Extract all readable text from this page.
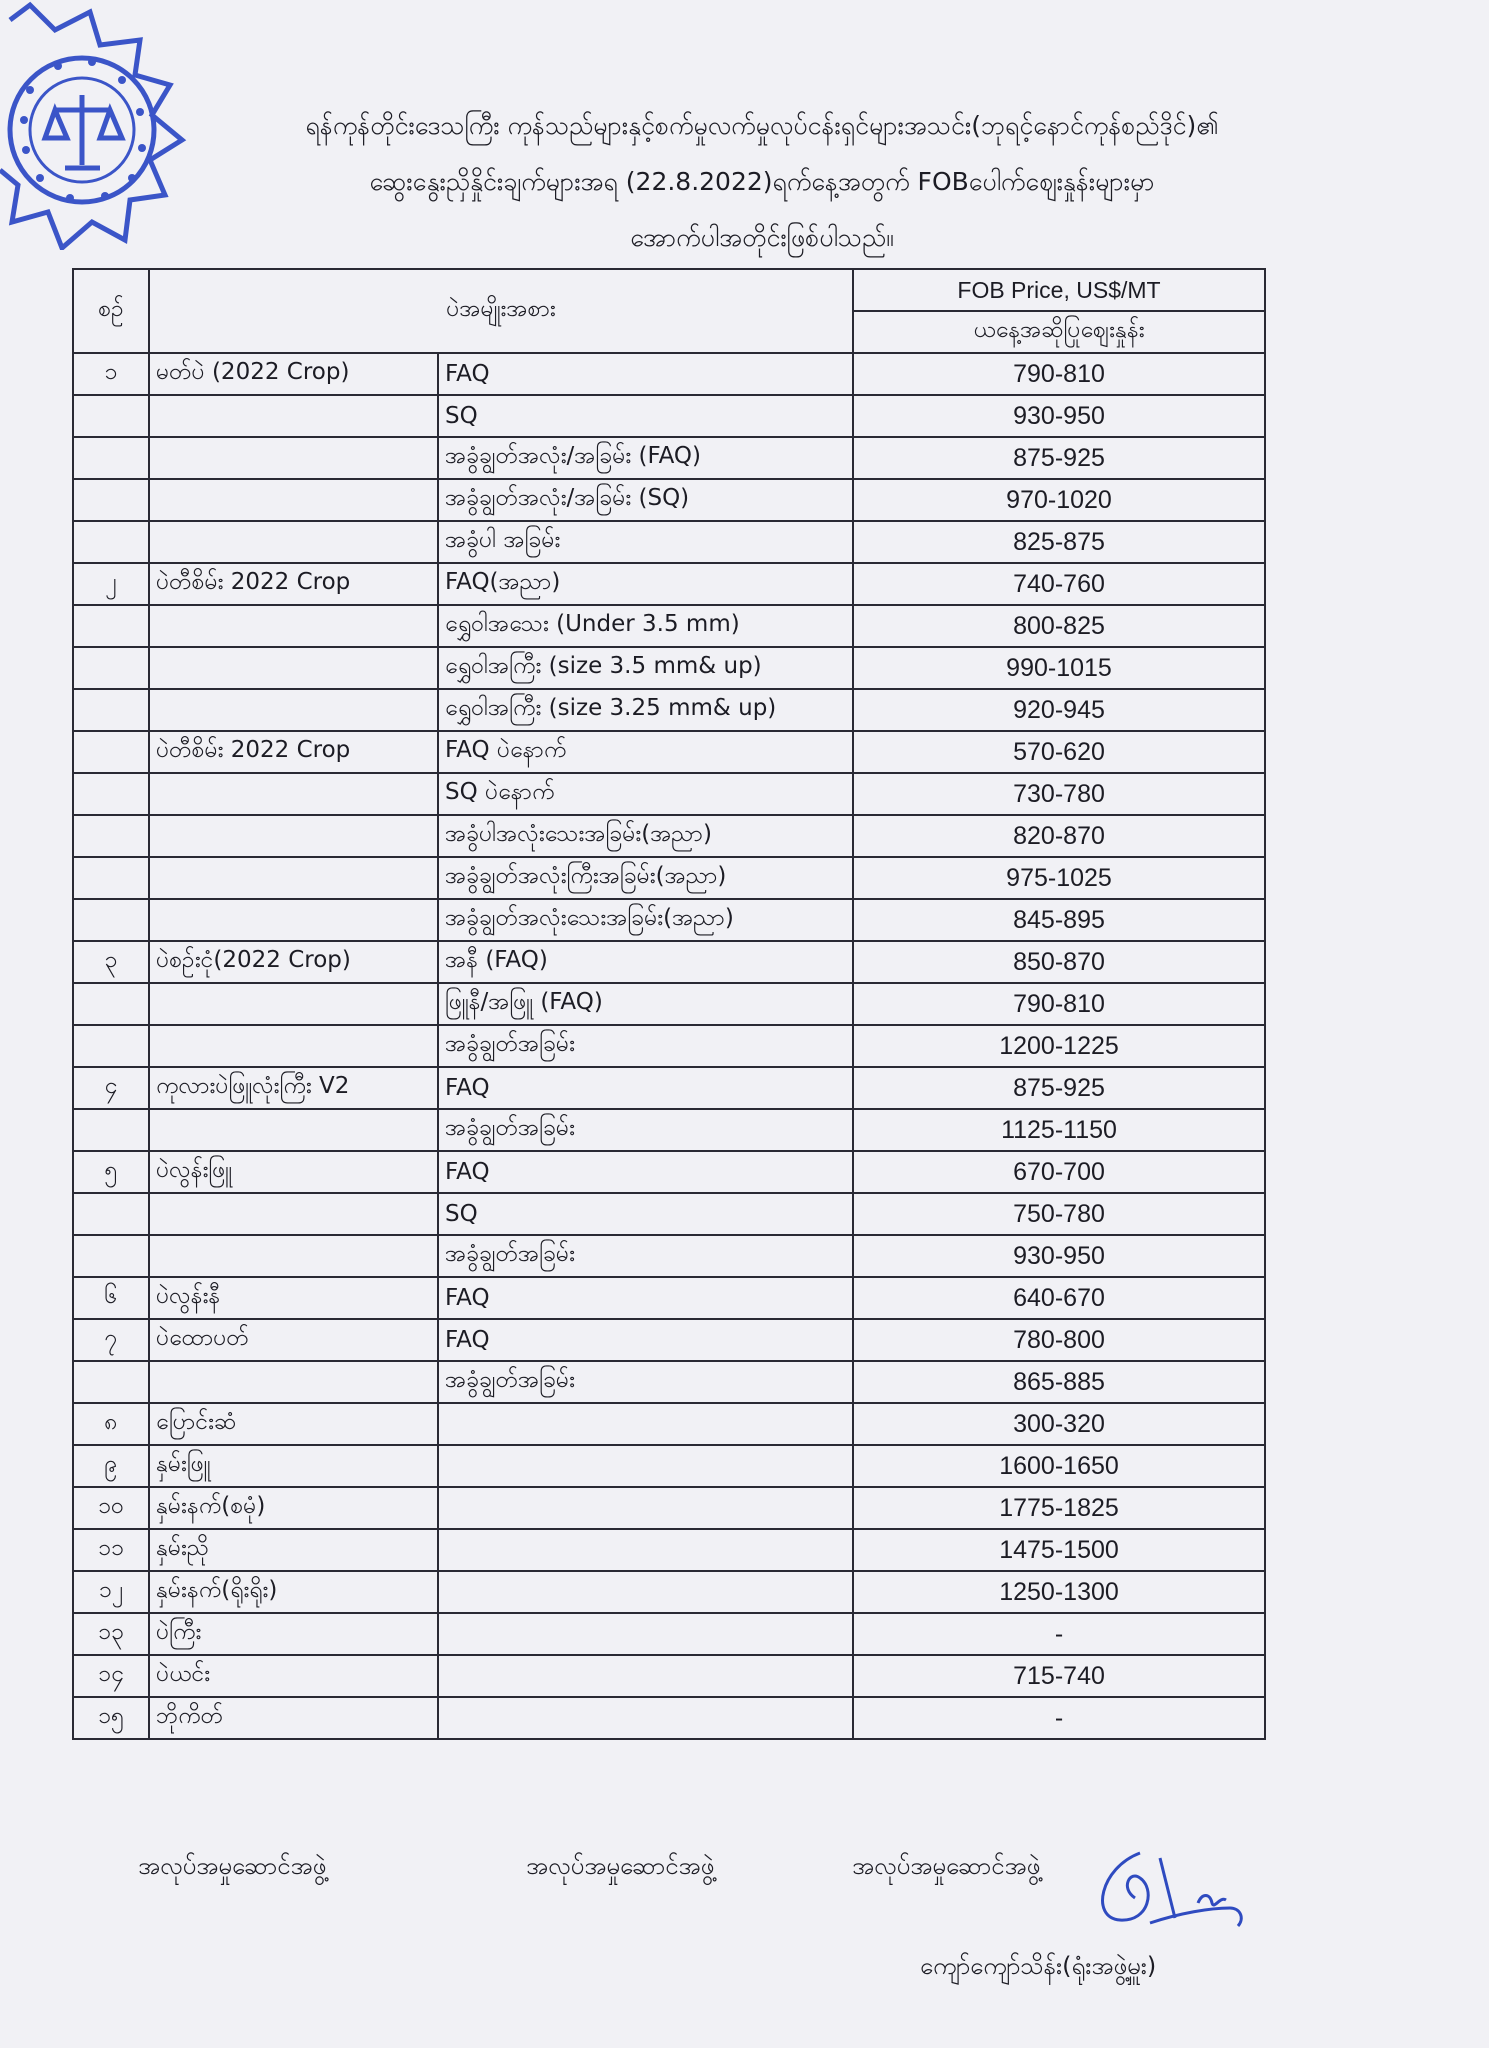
ရန်ကုန်တိုင်းဒေသကြီး ကုန်သည်များနှင့်စက်မှုလက်မှုလုပ်ငန်းရှင်များအသင်း(ဘုရင့်နောင်ကုန်စည်ဒိုင်)၏
ဆွေးနွေးညှိနှိုင်းချက်များအရ (22.8.2022)ရက်နေ့အတွက် FOBပေါက်ဈေးနှုန်းများမှာ
အောက်ပါအတိုင်းဖြစ်ပါသည်။
စဉ်	ပဲအမျိုးအစား		FOB Price, US$/MT
			ယနေ့အဆိုပြုဈေးနှုန်း
၁	မတ်ပဲ (2022 Crop)	FAQ	790-810
		SQ	930-950
		အခွံချွတ်အလုံး/အခြမ်း (FAQ)	875-925
		အခွံချွတ်အလုံး/အခြမ်း (SQ)	970-1020
		အခွံပါ အခြမ်း	825-875
၂	ပဲတီစိမ်း 2022 Crop	FAQ(အညာ)	740-760
		ရွှေဝါအသေး (Under 3.5 mm)	800-825
		ရွှေဝါအကြီး (size 3.5 mm& up)	990-1015
		ရွှေဝါအကြီး (size 3.25 mm& up)	920-945
	ပဲတီစိမ်း 2022 Crop	FAQ ပဲနောက်	570-620
		SQ ပဲနောက်	730-780
		အခွံပါအလုံးသေးအခြမ်း(အညာ)	820-870
		အခွံချွတ်အလုံးကြီးအခြမ်း(အညာ)	975-1025
		အခွံချွတ်အလုံးသေးအခြမ်း(အညာ)	845-895
၃	ပဲစဉ်းငုံ(2022 Crop)	အနီ (FAQ)	850-870
		ဖြူနီ/အဖြူ (FAQ)	790-810
		အခွံချွတ်အခြမ်း	1200-1225
၄	ကုလားပဲဖြူလုံးကြီး V2	FAQ	875-925
		အခွံချွတ်အခြမ်း	1125-1150
၅	ပဲလွန်းဖြူ	FAQ	670-700
		SQ	750-780
		အခွံချွတ်အခြမ်း	930-950
၆	ပဲလွန်းနီ	FAQ	640-670
၇	ပဲထောပတ်	FAQ	780-800
		အခွံချွတ်အခြမ်း	865-885
၈	ပြောင်းဆံ		300-320
၉	နှမ်းဖြူ		1600-1650
၁၀	နှမ်းနက်(စမုံ)		1775-1825
၁၁	နှမ်းညို		1475-1500
၁၂	နှမ်းနက်(ရိုးရိုး)		1250-1300
၁၃	ပဲကြီး		-
၁၄	ပဲယင်း		715-740
၁၅	ဘိုကိတ်		-
အလုပ်အမှုဆောင်အဖွဲ့	အလုပ်အမှုဆောင်အဖွဲ့	အလုပ်အမှုဆောင်အဖွဲ့
ကျော်ကျော်သိန်း(ရုံးအဖွဲ့မှူး)
